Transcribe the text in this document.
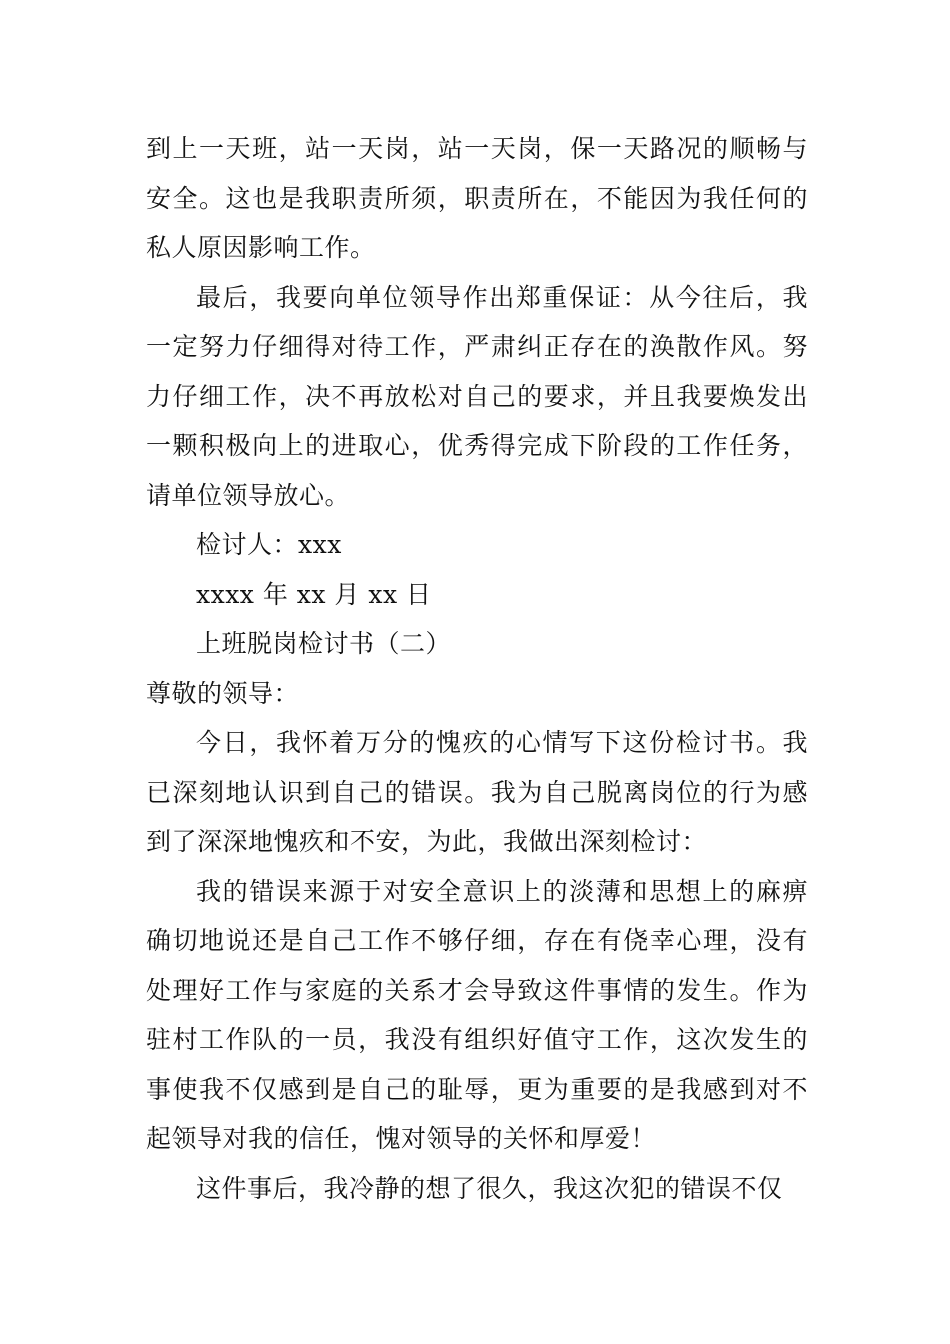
到上一天班，站一天岗，站一天岗，保一天路况的顺畅与
安全。这也是我职责所须，职责所在，不能因为我任何的
私人原因影响工作。
最后，我要向单位领导作出郑重保证：从今往后，我
一定努力仔细得对待工作，严肃纠正存在的涣散作风。努
力仔细工作，决不再放松对自己的要求，并且我要焕发出
一颗积极向上的进取心，优秀得完成下阶段的工作任务，
请单位领导放心。

检讨人：xxx

xxxx 年 xx 月 xx 日

上班脱岗检讨书（二）

尊敬的领导：

今日，我怀着万分的愧疚的心情写下这份检讨书。我
已深刻地认识到自己的错误。我为自己脱离岗位的行为感
到了深深地愧疚和不安，为此，我做出深刻检讨：
我的错误来源于对安全意识上的淡薄和思想上的麻痹
确切地说还是自己工作不够仔细，存在有侥幸心理，没有
处理好工作与家庭的关系才会导致这件事情的发生。作为
驻村工作队的一员，我没有组织好值守工作，这次发生的
事使我不仅感到是自己的耻辱，更为重要的是我感到对不
起领导对我的信任，愧对领导的关怀和厚爱！
这件事后，我冷静的想了很久，我这次犯的错误不仅
